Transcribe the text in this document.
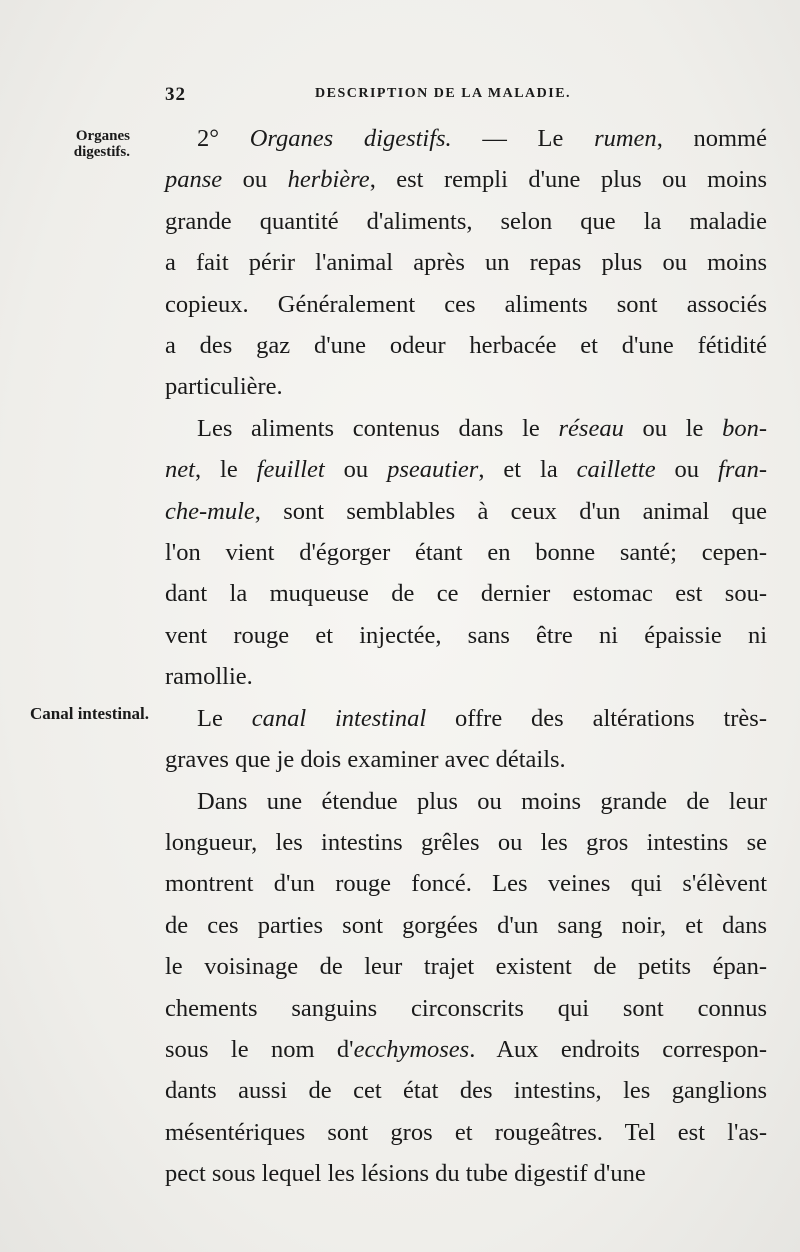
32	DESCRIPTION DE LA MALADIE.
Organes
digestifs.
Canal intestinal.
2° Organes digestifs. — Le rumen, nommé
panse ou herbière, est rempli d'une plus ou moins
grande quantité d'aliments, selon que la maladie
a fait périr l'animal après un repas plus ou moins
copieux. Généralement ces aliments sont associés
a des gaz d'une odeur herbacée et d'une fétidité
particulière.
Les aliments contenus dans le réseau ou le bon-
net, le feuillet ou pseautier, et la caillette ou fran-
che-mule, sont semblables à ceux d'un animal que
l'on vient d'égorger étant en bonne santé; cepen-
dant la muqueuse de ce dernier estomac est sou-
vent rouge et injectée, sans être ni épaissie ni
ramollie.
Le canal intestinal offre des altérations très-
graves que je dois examiner avec détails.
Dans une étendue plus ou moins grande de leur
longueur, les intestins grêles ou les gros intestins se
montrent d'un rouge foncé. Les veines qui s'élèvent
de ces parties sont gorgées d'un sang noir, et dans
le voisinage de leur trajet existent de petits épan-
chements sanguins circonscrits qui sont connus
sous le nom d'ecchymoses. Aux endroits correspon-
dants aussi de cet état des intestins, les ganglions
mésentériques sont gros et rougeâtres. Tel est l'as-
pect sous lequel les lésions du tube digestif d'une
